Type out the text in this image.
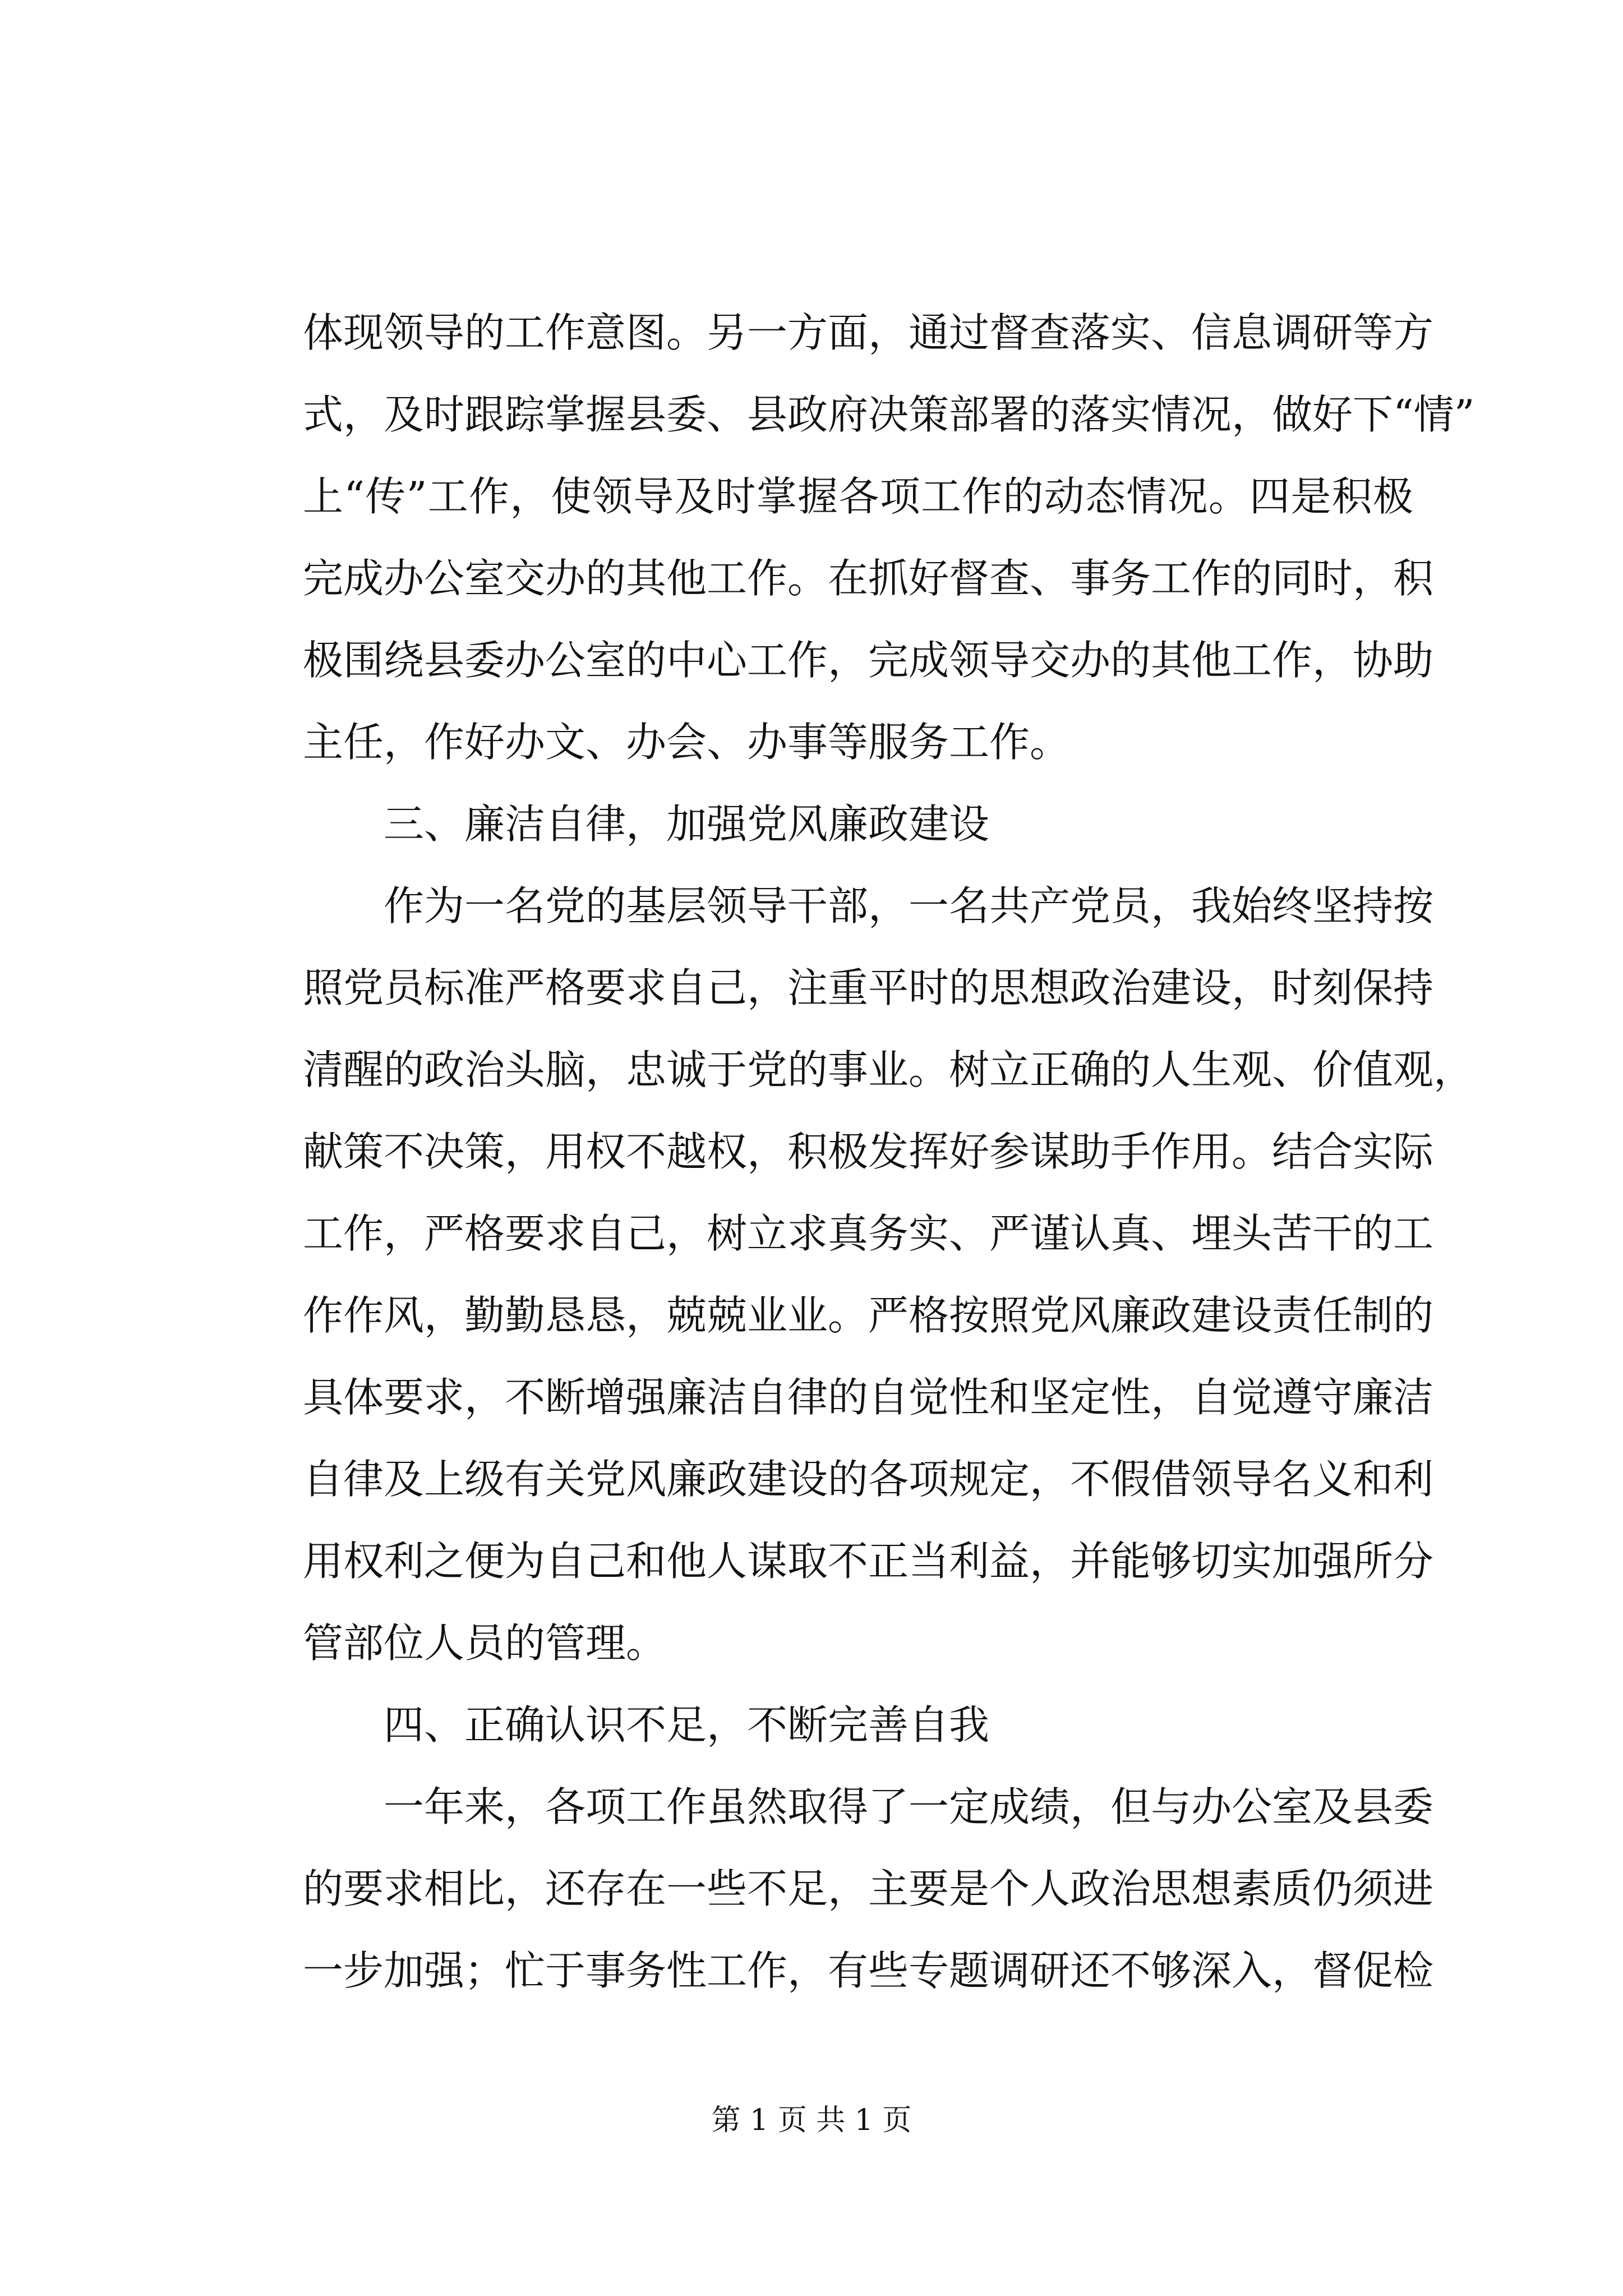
体现领导的工作意图。另一方面，通过督查落实、信息调研等方
式，及时跟踪掌握县委、县政府决策部署的落实情况，做好下“情”
上“传”工作，使领导及时掌握各项工作的动态情况。四是积极
完成办公室交办的其他工作。在抓好督查、事务工作的同时，积
极围绕县委办公室的中心工作，完成领导交办的其他工作，协助
主任，作好办文、办会、办事等服务工作。
三、廉洁自律，加强党风廉政建设
作为一名党的基层领导干部，一名共产党员，我始终坚持按
照党员标准严格要求自己，注重平时的思想政治建设，时刻保持
清醒的政治头脑，忠诚于党的事业。树立正确的人生观、价值观，
献策不决策，用权不越权，积极发挥好参谋助手作用。结合实际
工作，严格要求自己，树立求真务实、严谨认真、埋头苦干的工
作作风，勤勤恳恳，兢兢业业。严格按照党风廉政建设责任制的
具体要求，不断增强廉洁自律的自觉性和坚定性，自觉遵守廉洁
自律及上级有关党风廉政建设的各项规定，不假借领导名义和利
用权利之便为自己和他人谋取不正当利益，并能够切实加强所分
管部位人员的管理。
四、正确认识不足，不断完善自我
一年来，各项工作虽然取得了一定成绩，但与办公室及县委
的要求相比，还存在一些不足，主要是个人政治思想素质仍须进
一步加强；忙于事务性工作，有些专题调研还不够深入，督促检
第 1 页 共 1 页
